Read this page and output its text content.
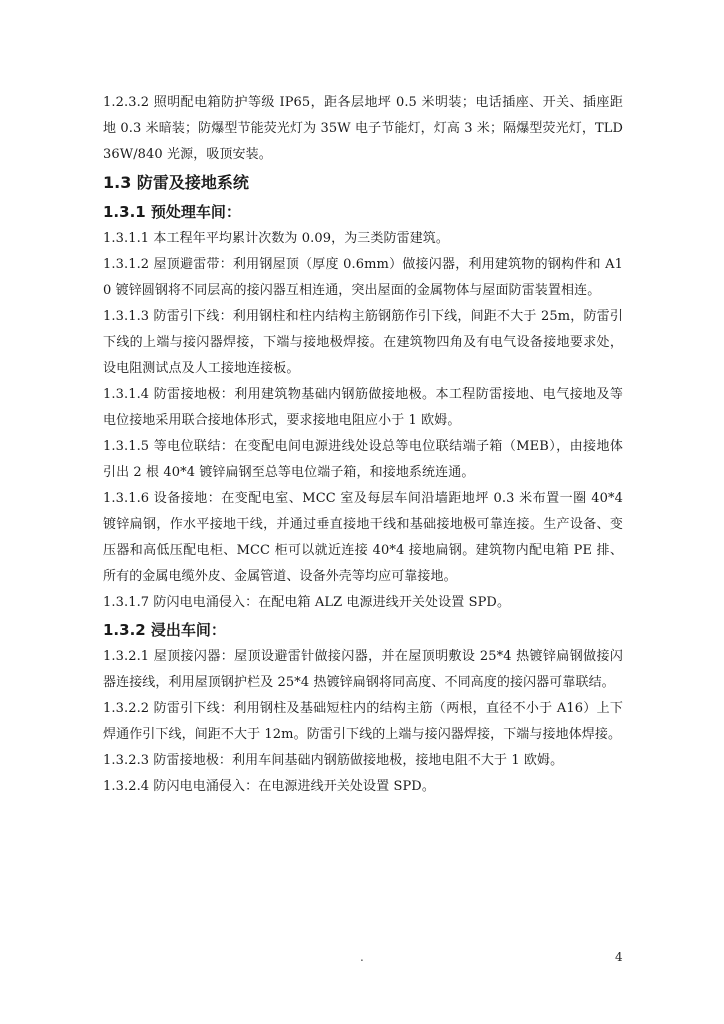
1.2.3.2 照明配电箱防护等级 IP65，距各层地坪 0.5 米明装；电话插座、开关、插座距地 0.3 米暗装；防爆型节能荧光灯为 35W 电子节能灯，灯高 3 米；隔爆型荧光灯，TLD36W/840 光源，吸顶安装。

1.3 防雷及接地系统
1.3.1 预处理车间：

1.3.1.1 本工程年平均累计次数为 0.09，为三类防雷建筑。

1.3.1.2 屋顶避雷带：利用钢屋顶（厚度 0.6mm）做接闪器，利用建筑物的钢构件和 A10 镀锌圆钢将不同层高的接闪器互相连通，突出屋面的金属物体与屋面防雷装置相连。

1.3.1.3 防雷引下线：利用钢柱和柱内结构主筋钢筋作引下线，间距不大于 25m，防雷引下线的上端与接闪器焊接，下端与接地极焊接。在建筑物四角及有电气设备接地要求处，设电阻测试点及人工接地连接板。

1.3.1.4 防雷接地极：利用建筑物基础内钢筋做接地极。本工程防雷接地、电气接地及等电位接地采用联合接地体形式，要求接地电阻应小于 1 欧姆。

1.3.1.5 等电位联结：在变配电间电源进线处设总等电位联结端子箱（MEB），由接地体引出 2 根 40*4 镀锌扁钢至总等电位端子箱，和接地系统连通。

1.3.1.6 设备接地：在变配电室、MCC 室及每层车间沿墙距地坪 0.3 米布置一圈 40*4 镀锌扁钢，作水平接地干线，并通过垂直接地干线和基础接地极可靠连接。生产设备、变压器和高低压配电柜、MCC 柜可以就近连接 40*4 接地扁钢。建筑物内配电箱 PE 排、所有的金属电缆外皮、金属管道、设备外壳等均应可靠接地。

1.3.1.7 防闪电电涌侵入：在配电箱 ALZ 电源进线开关处设置 SPD。

1.3.2 浸出车间：

1.3.2.1 屋顶接闪器：屋顶设避雷针做接闪器，并在屋顶明敷设 25*4 热镀锌扁钢做接闪器连接线，利用屋顶钢护栏及 25*4 热镀锌扁钢将同高度、不同高度的接闪器可靠联结。

1.3.2.2 防雷引下线：利用钢柱及基础短柱内的结构主筋（两根，直径不小于 A16）上下焊通作引下线，间距不大于 12m。防雷引下线的上端与接闪器焊接，下端与接地体焊接。

1.3.2.3 防雷接地极：利用车间基础内钢筋做接地极，接地电阻不大于 1 欧姆。

1.3.2.4 防闪电电涌侵入：在电源进线开关处设置 SPD。

.	4
